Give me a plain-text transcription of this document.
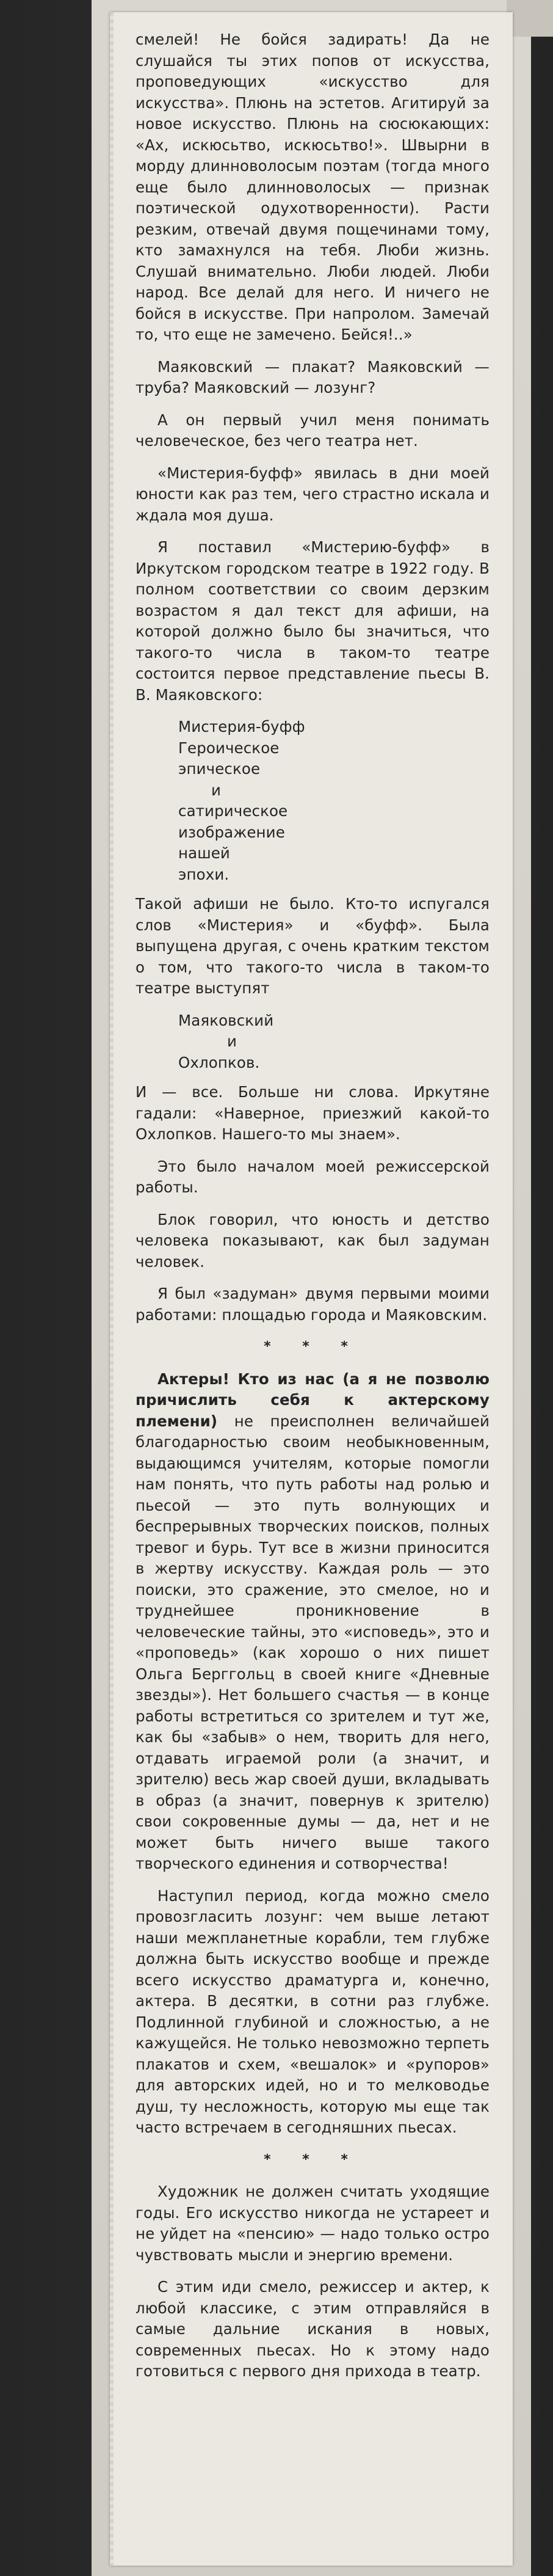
смелей! Не бойся задирать! Да не слушайся ты этих попов от искусства, проповедующих «искусство для искусства». Плюнь на эстетов. Агитируй за новое искусство. Плюнь на сюсюкающих: «Ах, искюсьтво, искюсьтво!». Швырни в морду длинноволосым поэтам (тогда много еще было длинноволосых — признак поэтической одухотворенности). Расти резким, отвечай двумя пощечинами тому, кто замахнулся на тебя. Люби жизнь. Слушай внимательно. Люби людей. Люби народ. Все делай для него. И ничего не бойся в искусстве. При напролом. Замечай то, что еще не замечено. Бейся!..»

Маяковский — плакат? Маяковский — труба? Маяковский — лозунг?

А он первый учил меня понимать человеческое, без чего театра нет.

«Мистерия-буфф» явилась в дни моей юности как раз тем, чего страстно искала и ждала моя душа.

Я поставил «Мистерию-буфф» в Иркутском городском театре в 1922 году. В полном соответствии со своим дерзким возрастом я дал текст для афиши, на которой должно было бы значиться, что такого-то числа в таком-то театре состоится первое представление пьесы В. В. Маяковского:

Мистерия-буфф
Героическое
эпическое
и
сатирическое
изображение
нашей
эпохи.

Такой афиши не было. Кто-то испугался слов «Мистерия» и «буфф». Была выпущена другая, с очень кратким текстом о том, что такого-то числа в таком-то театре выступят

Маяковский
и
Охлопков.

И — все. Больше ни слова. Иркутяне гадали: «Наверное, приезжий какой-то Охлопков. Нашего-то мы знаем».

Это было началом моей режиссерской работы.

Блок говорил, что юность и детство человека показывают, как был задуман человек.

Я был «задуман» двумя первыми моими работами: площадью города и Маяковским.

* * *

Актеры! Кто из нас (а я не позволю причислить себя к актерскому племени) не преисполнен величайшей благодарностью своим необыкновенным, выдающимся учителям, которые помогли нам понять, что путь работы над ролью и пьесой — это путь волнующих и беспрерывных творческих поисков, полных тревог и бурь. Тут все в жизни приносится в жертву искусству. Каждая роль — это поиски, это сражение, это смелое, но и труднейшее проникновение в человеческие тайны, это «исповедь», это и «проповедь» (как хорошо о них пишет Ольга Берггольц в своей книге «Дневные звезды»). Нет большего счастья — в конце работы встретиться со зрителем и тут же, как бы «забыв» о нем, творить для него, отдавать играемой роли (а значит, и зрителю) весь жар своей души, вкладывать в образ (а значит, повернув к зрителю) свои сокровенные думы — да, нет и не может быть ничего выше такого творческого единения и сотворчества!

Наступил период, когда можно смело провозгласить лозунг: чем выше летают наши межпланетные корабли, тем глубже должна быть искусство вообще и прежде всего искусство драматурга и, конечно, актера. В десятки, в сотни раз глубже. Подлинной глубиной и сложностью, а не кажущейся. Не только невозможно терпеть плакатов и схем, «вешалок» и «рупоров» для авторских идей, но и то мелководье душ, ту несложность, которую мы еще так часто встречаем в сегодняшних пьесах.

* * *

Художник не должен считать уходящие годы. Его искусство никогда не устареет и не уйдет на «пенсию» — надо только остро чувствовать мысли и энергию времени.

С этим иди смело, режиссер и актер, к любой классике, с этим отправляйся в самые дальние искания в новых, современных пьесах. Но к этому надо готовиться с первого дня прихода в театр.
